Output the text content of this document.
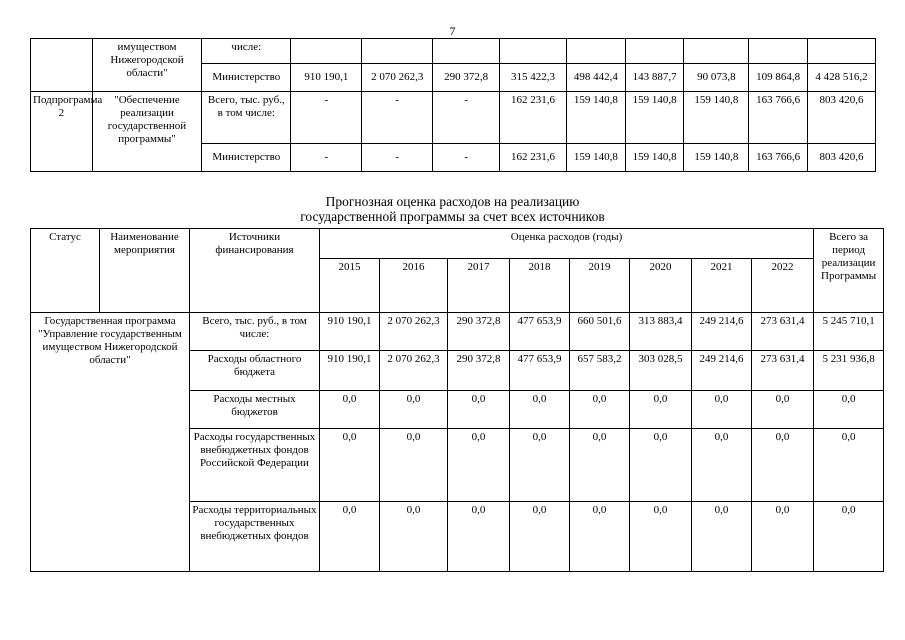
7
	имуществом Нижегородской области"	числе:									
		Министерство	910 190,1	2 070 262,3	290 372,8	315 422,3	498 442,4	143 887,7	90 073,8	109 864,8	4 428 516,2
Подпрограмма 2	"Обеспечение реализации государственной программы"	Всего, тыс. руб., в том числе:	-	-	-	162 231,6	159 140,8	159 140,8	159 140,8	163 766,6	803 420,6
		Министерство	-	-	-	162 231,6	159 140,8	159 140,8	159 140,8	163 766,6	803 420,6
Прогнозная оценка расходов на реализацию
государственной программы за счет всех источников
Статус	Наименование мероприятия	Источники финансирования	Оценка расходов (годы)								Всего за период реализации Программы
			2015	2016	2017	2018	2019	2020	2021	2022	
Государственная программа "Управление государственным имуществом Нижегородской области"		Всего, тыс. руб., в том числе:	910 190,1	2 070 262,3	290 372,8	477 653,9	660 501,6	313 883,4	249 214,6	273 631,4	5 245 710,1
		Расходы областного бюджета	910 190,1	2 070 262,3	290 372,8	477 653,9	657 583,2	303 028,5	249 214,6	273 631,4	5 231 936,8
		Расходы местных бюджетов	0,0	0,0	0,0	0,0	0,0	0,0	0,0	0,0	0,0
		Расходы государственных внебюджетных фондов Российской Федерации	0,0	0,0	0,0	0,0	0,0	0,0	0,0	0,0	0,0
		Расходы территориальных государственных внебюджетных фондов	0,0	0,0	0,0	0,0	0,0	0,0	0,0	0,0	0,0
